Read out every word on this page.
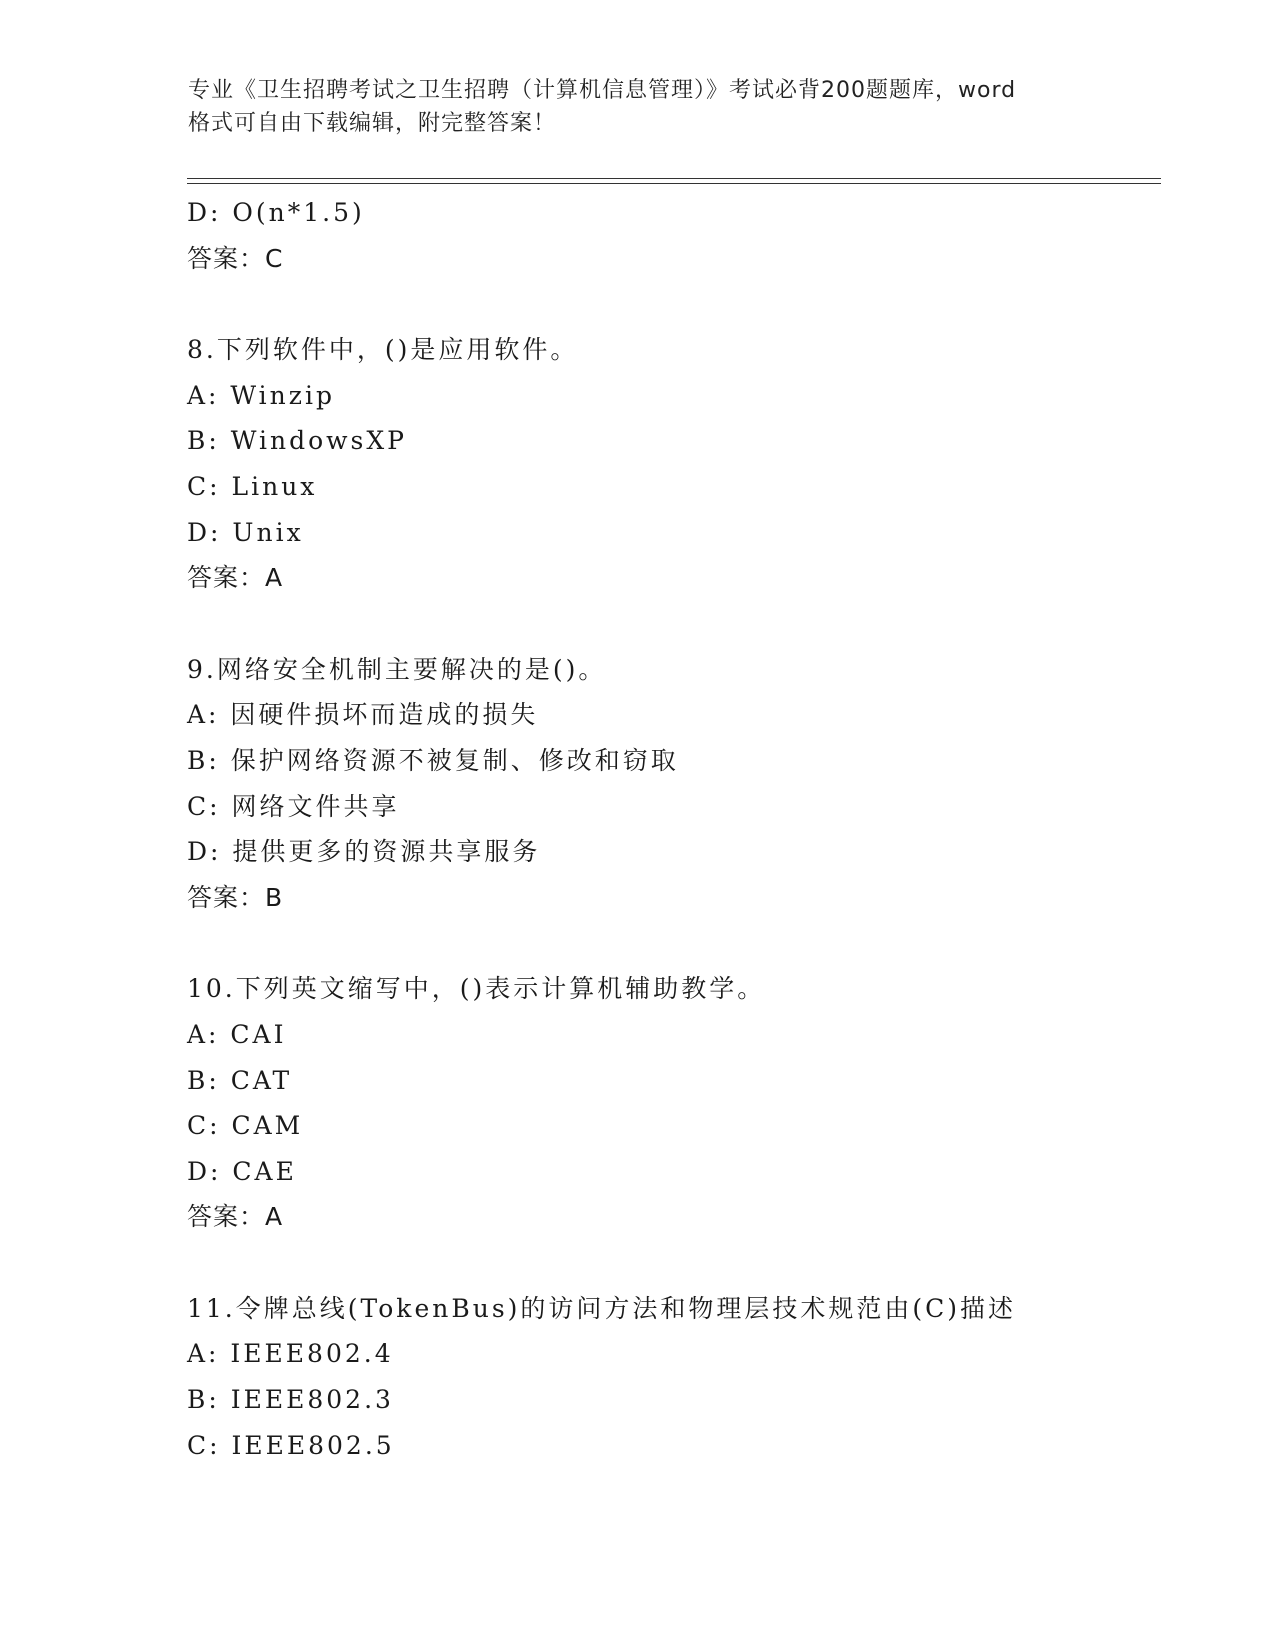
专业《卫生招聘考试之卫生招聘（计算机信息管理）》考试必背200题题库，word
格式可自由下载编辑，附完整答案！
D: O(n*1.5)
答案：C
8.下列软件中，()是应用软件。
A: Winzip
B: WindowsXP
C: Linux
D: Unix
答案：A
9.网络安全机制主要解决的是()。
A: 因硬件损坏而造成的损失
B: 保护网络资源不被复制、修改和窃取
C: 网络文件共享
D: 提供更多的资源共享服务
答案：B
10.下列英文缩写中，()表示计算机辅助教学。
A: CAI
B: CAT
C: CAM
D: CAE
答案：A
11.令牌总线(TokenBus)的访问方法和物理层技术规范由(C)描述
A: IEEE802.4
B: IEEE802.3
C: IEEE802.5
